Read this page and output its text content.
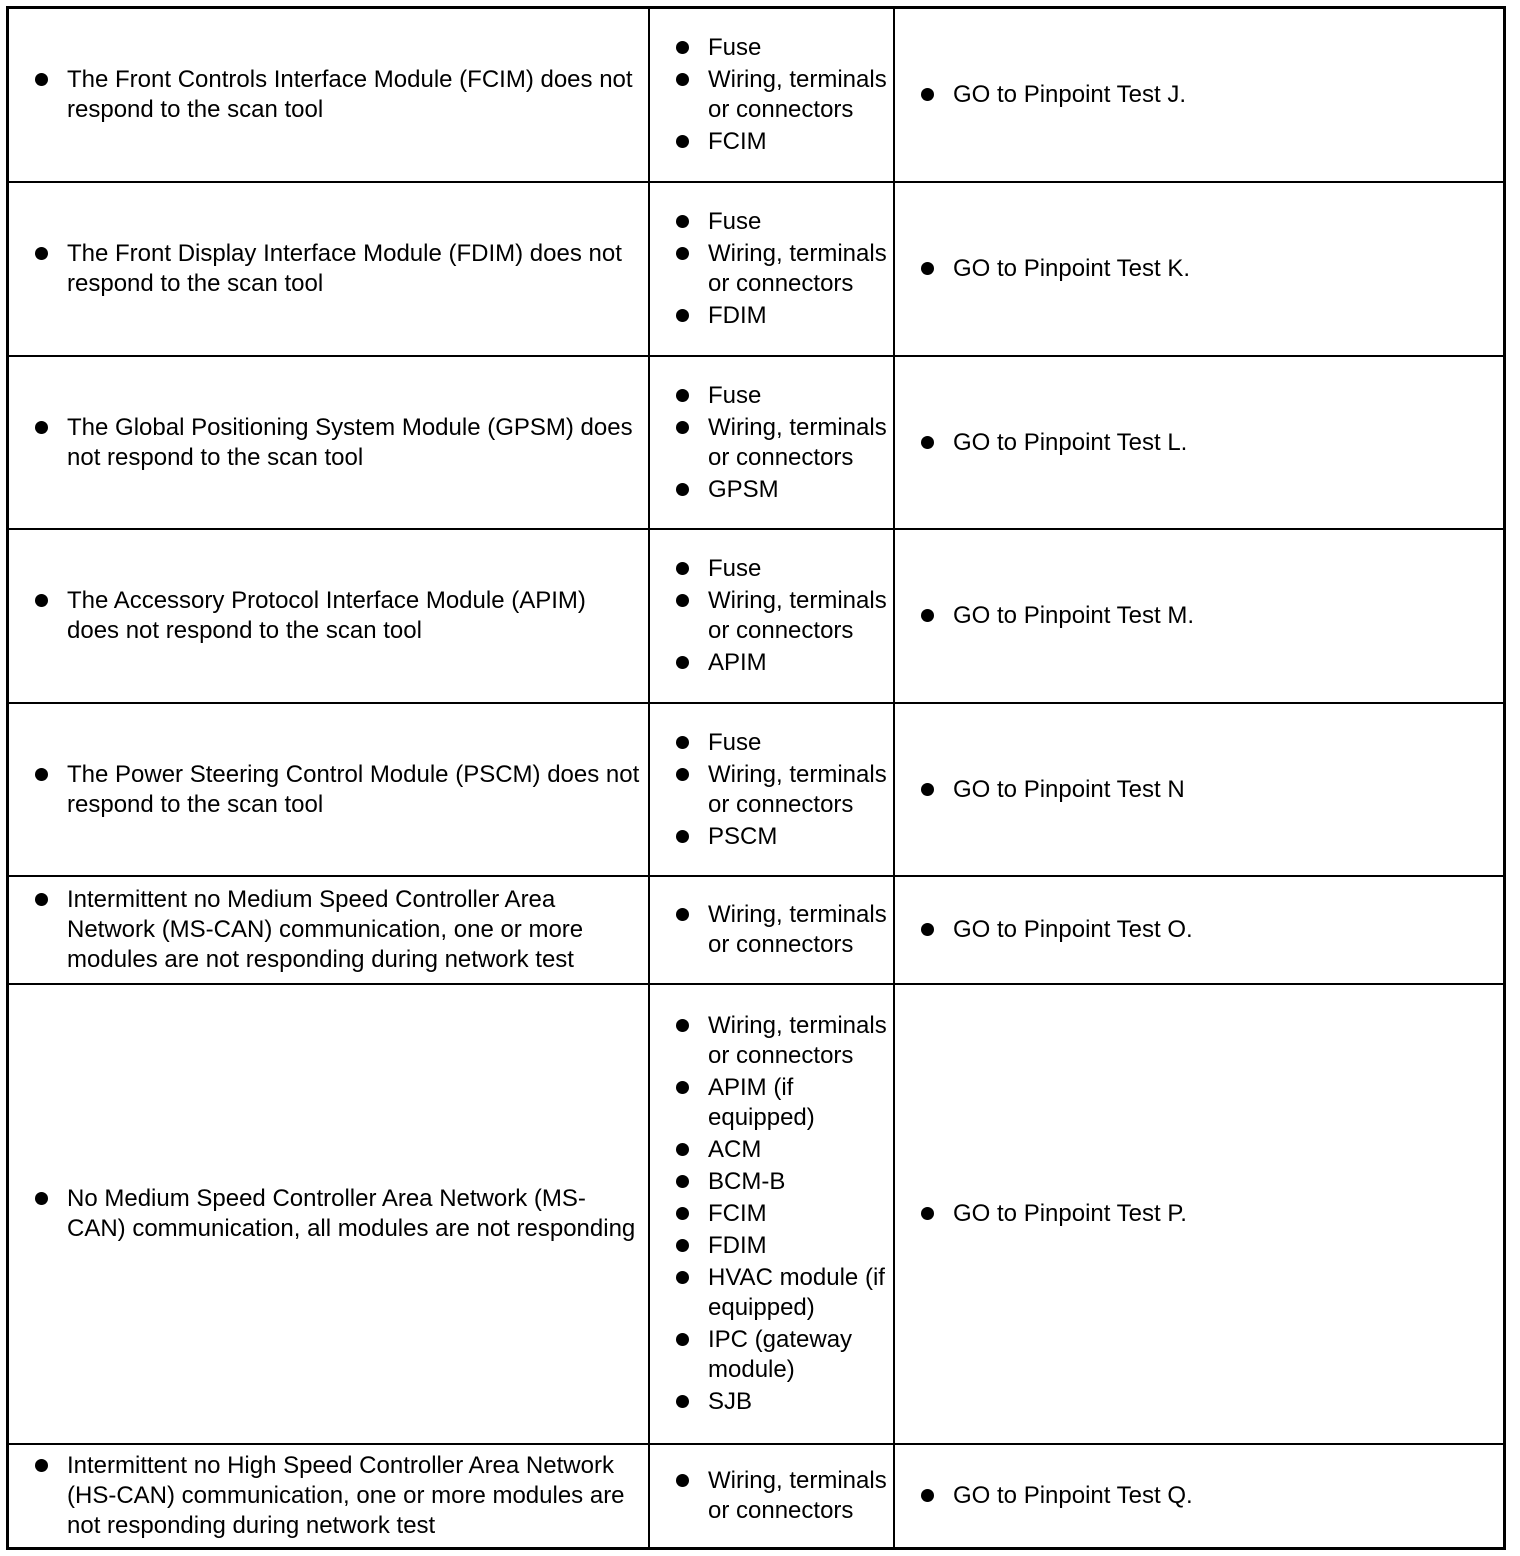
The Front Controls Interface Module (FCIM) does not respond to the scan tool
Fuse
Wiring, terminals or connectors
FCIM
GO to Pinpoint Test J.
The Front Display Interface Module (FDIM) does not respond to the scan tool
Fuse
Wiring, terminals or connectors
FDIM
GO to Pinpoint Test K.
The Global Positioning System Module (GPSM) does not respond to the scan tool
Fuse
Wiring, terminals or connectors
GPSM
GO to Pinpoint Test L.
The Accessory Protocol Interface Module (APIM) does not respond to the scan tool
Fuse
Wiring, terminals or connectors
APIM
GO to Pinpoint Test M.
The Power Steering Control Module (PSCM) does not respond to the scan tool
Fuse
Wiring, terminals or connectors
PSCM
GO to Pinpoint Test N
Intermittent no Medium Speed Controller Area Network (MS-CAN) communication, one or more modules are not responding during network test
Wiring, terminals or connectors
GO to Pinpoint Test O.
No Medium Speed Controller Area Network (MS-CAN) communication, all modules are not responding
Wiring, terminals or connectors
APIM (if equipped)
ACM
BCM-B
FCIM
FDIM
HVAC module (if equipped)
IPC (gateway module)
SJB
GO to Pinpoint Test P.
Intermittent no High Speed Controller Area Network (HS-CAN) communication, one or more modules are not responding during network test
Wiring, terminals or connectors
GO to Pinpoint Test Q.
